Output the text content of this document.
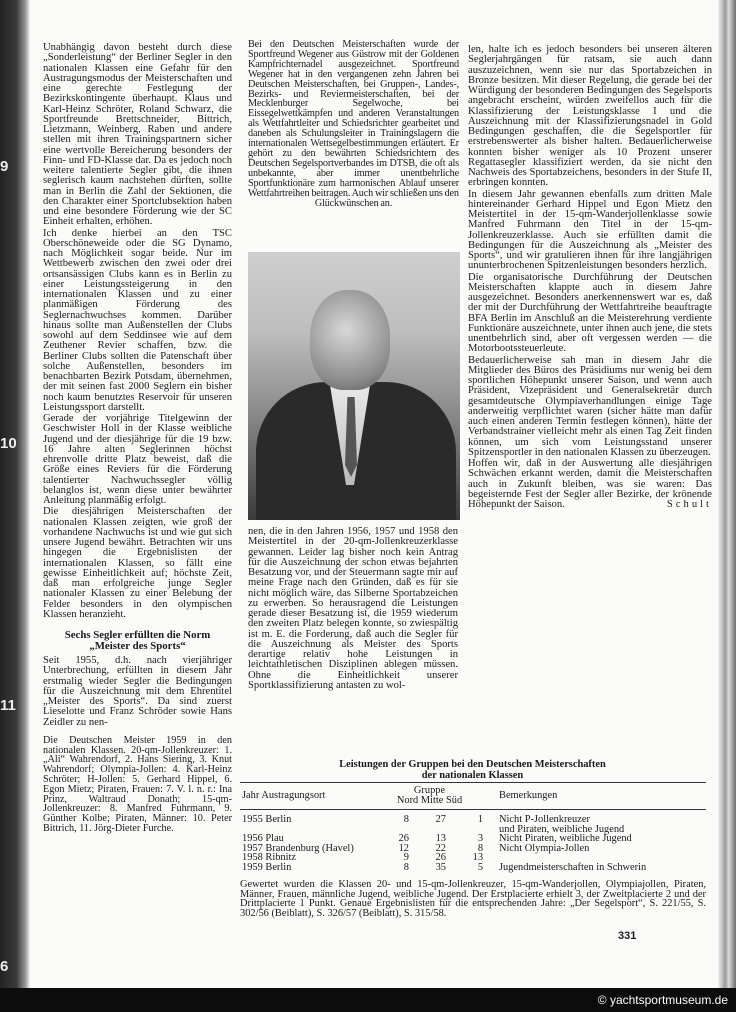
9
10
11
6

Unabhängig davon besteht durch diese „Sonderleistung“ der Berliner Segler in den nationalen Klassen eine Gefahr für den Austragungsmodus der Meisterschaften und eine gerechte Festlegung der Bezirkskontingente überhaupt. Klaus und Karl-Heinz Schröter, Roland Schwarz, die Sportfreunde Brettschneider, Bittrich, Lietzmann, Weinberg, Raben und andere stellen mit ihren Trainingspartnern sicher eine wertvolle Bereicherung besonders der Finn- und FD-Klasse dar. Da es jedoch noch weitere talentierte Segler gibt, die ihnen seglerisch kaum nachstehen dürften, sollte man in Berlin die Zahl der Sektionen, die den Charakter einer Sportclubsektion haben und eine besondere Förderung wie der SC Einheit erhalten, erhöhen.

Ich denke hierbei an den TSC Oberschöneweide oder die SG Dynamo, nach Möglichkeit sogar beide. Nur im Wettbewerb zwischen den zwei oder drei ortsansässigen Clubs kann es in Berlin zu einer Leistungssteigerung in den internationalen Klassen und zu einer planmäßigen Förderung des Seglernachwuchses kommen. Darüber hinaus sollte man Außenstellen der Clubs sowohl auf dem Seddinsee wie auf dem Zeuthener Revier schaffen, bzw. die Berliner Clubs sollten die Patenschaft über solche Außenstellen, besonders im benachbarten Bezirk Potsdam, übernehmen, der mit seinen fast 2000 Seglern ein bisher noch kaum benutztes Reservoir für unseren Leistungssport darstellt.

Gerade der vorjährige Titelgewinn der Geschwister Holl in der Klasse weibliche Jugend und der diesjährige für die 19 bzw. 16 Jahre alten Seglerinnen höchst ehrenvolle dritte Platz beweist, daß die Größe eines Reviers für die Förderung talentierter Nachwuchssegler völlig belanglos ist, wenn diese unter bewährter Anleitung planmäßig erfolgt.

Die diesjährigen Meisterschaften der nationalen Klassen zeigten, wie groß der vorhandene Nachwuchs ist und wie gut sich unsere Jugend bewährt. Betrachten wir uns hingegen die Ergebnislisten der internationalen Klassen, so fällt eine gewisse Einheitlichkeit auf; höchste Zeit, daß man erfolgreiche junge Segler nationaler Klassen zu einer Belebung der Felder besonders in den olympischen Klassen heranzieht.

Sechs Segler erfüllten die Norm
„Meister des Sports“

Seit 1955, d.h. nach vierjähriger Unterbrechung, erfüllten in diesem Jahr erstmalig wieder Segler die Bedingungen für die Auszeichnung mit dem Ehrentitel „Meister des Sports“. Da sind zuerst Lieselotte und Franz Schröder sowie Hans Zeidler zu nen-

Die Deutschen Meister 1959 in den nationalen Klassen. 20-qm-Jollenkreuzer: 1. „Ali“ Wahrendorf, 2. Hans Siering, 3. Knut Wahrendorf; Olympia-Jollen: 4. Karl-Heinz Schröter; H-Jollen: 5. Gerhard Hippel, 6. Egon Mietz; Piraten, Frauen: 7. V. l. n. r.: Ina Prinz, Waltraud Donath; 15-qm-Jollenkreuzer: 8. Manfred Fuhrmann, 9. Günther Kolbe; Piraten, Männer: 10. Peter Bittrich, 11. Jörg-Dieter Furche.

Bei den Deutschen Meisterschaften wurde der Sportfreund Wegener aus Güstrow mit der Goldenen Kampfrichternadel ausgezeichnet. Sportfreund Wegener hat in den vergangenen zehn Jahren bei Deutschen Meisterschaften, bei Gruppen-, Landes-, Bezirks- und Reviermeisterschaften, bei der Mecklenburger Segelwoche, bei Eissegelwettkämpfen und anderen Veranstaltungen als Wettfahrtleiter und Schiedsrichter gearbeitet und daneben als Schulungsleiter in Trainingslagern die internationalen Wettsegelbestimmungen erläutert. Er gehört zu den bewährten Schiedsrichtern des Deutschen Segelsportverbandes im DTSB, die oft als unbekannte, aber immer unentbehrliche Sportfunktionäre zum harmonischen Ablauf unserer Wettfahrtreihen beitragen. Auch wir schließen uns den

Glückwünschen an.

nen, die in den Jahren 1956, 1957 und 1958 den Meistertitel in der 20-qm-Jollenkreuzerklasse gewannen. Leider lag bisher noch kein Antrag für die Auszeichnung der schon etwas bejahrten Besatzung vor, und der Steuermann sagte mir auf meine Frage nach den Gründen, daß es für sie nicht möglich wäre, das Silberne Sportabzeichen zu erwerben. So herausragend die Leistungen gerade dieser Besatzung ist, die 1959 wiederum den zweiten Platz belegen konnte, so zwiespältig ist m. E. die Forderung, daß auch die Segler für die Auszeichnung als Meister des Sports derartige relativ hohe Leistungen in leichtathletischen Disziplinen ablegen müssen. Ohne die Einheitlichkeit unserer Sportklassifizierung antasten zu wol-

len, halte ich es jedoch besonders bei unseren älteren Seglerjahrgängen für ratsam, sie auch dann auszuzeichnen, wenn sie nur das Sportabzeichen in Bronze besitzen. Mit dieser Regelung, die gerade bei der Würdigung der besonderen Bedingungen des Segelsports angebracht erscheint, würden zweifellos auch für die Klassifizierung der Leistungsklasse I und die Auszeichnung mit der Klassifizierungsnadel in Gold Bedingungen geschaffen, die die Segelsportler für erstrebenswerter als bisher halten. Bedauerlicherweise konnten bisher weniger als 10 Prozent unserer Regattasegler klassifiziert werden, da sie nicht den Nachweis des Sportabzeichens, besonders in der Stufe II, erbringen konnten.

In diesem Jahr gewannen ebenfalls zum dritten Male hintereinander Gerhard Hippel und Egon Mietz den Meistertitel in der 15-qm-Wanderjollenklasse sowie Manfred Fuhrmann den Titel in der 15-qm-Jollenkreuzerklasse. Auch sie erfüllten damit die Bedingungen für die Auszeichnung als „Meister des Sports“, und wir gratulieren ihnen für ihre langjährigen ununterbrochenen Spitzenleistungen besonders herzlich.

Die organisatorische Durchführung der Deutschen Meisterschaften klappte auch in diesem Jahre ausgezeichnet. Besonders anerkennenswert war es, daß der mit der Durchführung der Wettfahrtreihe beauftragte BFA Berlin im Anschluß an die Meisterehrung verdiente Funktionäre auszeichnete, unter ihnen auch jene, die stets unentbehrlich sind, aber oft vergessen werden — die Motorbootssteuerleute.

Bedauerlicherweise sah man in diesem Jahr die Mitglieder des Büros des Präsidiums nur wenig bei dem sportlichen Höhepunkt unserer Saison, und wenn auch Präsident, Vizepräsident und Generalsekretär durch gesamtdeutsche Olympiaverhandlungen einige Tage anderweitig verpflichtet waren (sicher hätte man dafür auch einen anderen Termin festlegen können), hätte der Verbandstrainer vielleicht mehr als einen Tag Zeit finden können, um sich vom Leistungsstand unserer Spitzensportler in den nationalen Klassen zu überzeugen.

Hoffen wir, daß in der Auswertung alle diesjährigen Schwächen erkannt werden, damit die Meisterschaften auch in Zukunft bleiben, was sie waren: Das begeisternde Fest der Segler aller Bezirke, der krönende Höhepunkt der Saison.	Schult

Leistungen der Gruppen bei den Deutschen Meisterschaften
der nationalen Klassen
Jahr Austragungsort	Gruppe
Nord Mitte Süd			Bemerkungen
1955 Berlin	8	27	1	Nicht P-Jollenkreuzer
und Piraten, weibliche Jugend

1956 Plau	26	13	3	Nicht Piraten, weibliche Jugend

1957 Brandenburg (Havel)	12	22	8	Nicht Olympia-Jollen

1958 Ribnitz	9	26	13	

1959 Berlin	8	35	5	Jugendmeisterschaften in Schwerin
Gewertet wurden die Klassen 20- und 15-qm-Jollenkreuzer, 15-qm-Wanderjollen, Olympiajollen, Piraten, Männer, Frauen, männliche Jugend, weibliche Jugend. Der Erstplacierte erhielt 3, der Zweitplacierte 2 und der Drittplacierte 1 Punkt. Genaue Ergebnislisten für die entsprechenden Jahre: „Der Segelsport“, S. 221/55, S. 302/56 (Beiblatt), S. 326/57 (Beiblatt), S. 315/58.
331
© yachtsportmuseum.de
